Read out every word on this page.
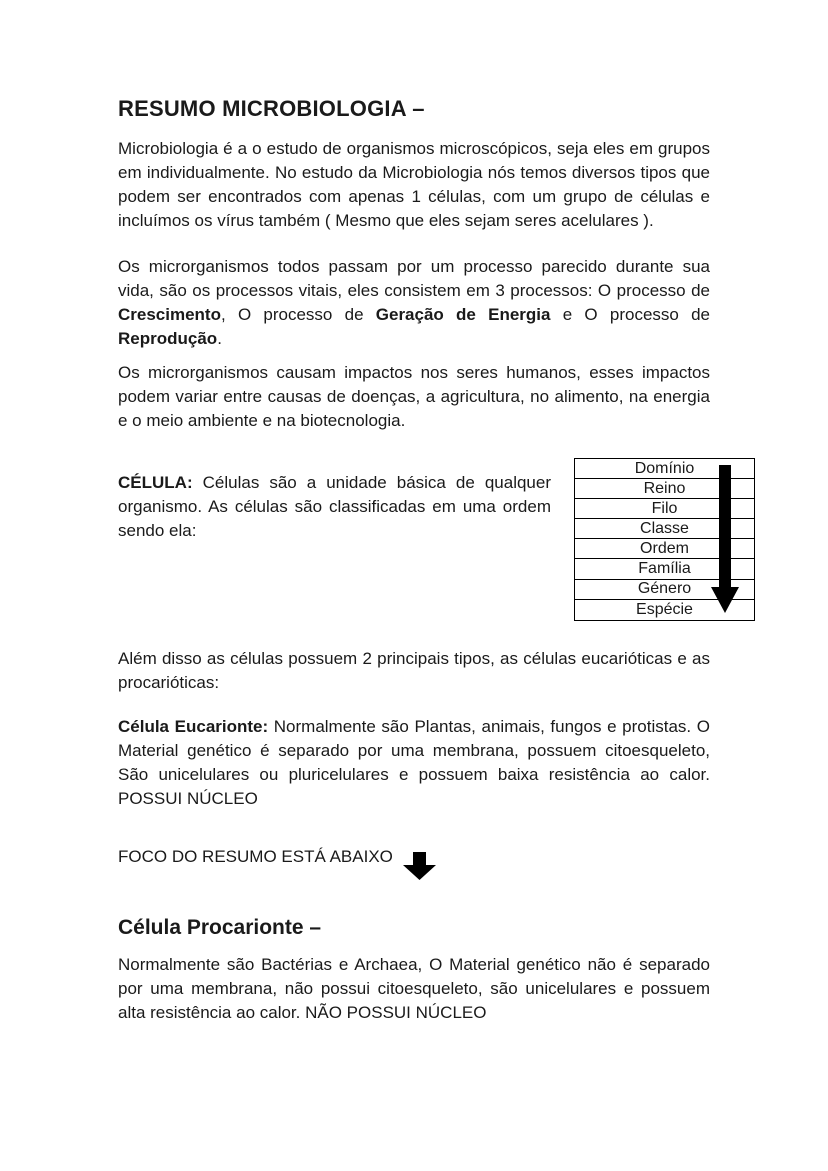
RESUMO MICROBIOLOGIA –

Microbiologia é a o estudo de organismos microscópicos, seja eles em grupos em individualmente. No estudo da Microbiologia nós temos diversos tipos que podem ser encontrados com apenas 1 células, com um grupo de células e incluímos os vírus também ( Mesmo que eles sejam seres acelulares ).

Os microrganismos todos passam por um processo parecido durante sua vida, são os processos vitais, eles consistem em 3 processos: O processo de Crescimento, O processo de Geração de Energia e O processo de Reprodução.

Os microrganismos causam impactos nos seres humanos, esses impactos podem variar entre causas de doenças, a agricultura, no alimento, na energia e o meio ambiente e na biotecnologia.

CÉLULA: Células são a unidade básica de qualquer organismo. As células são classificadas em uma ordem sendo ela:

Domínio
Reino
Filo
Classe
Ordem
Família
Género
Espécie

Além disso as células possuem 2 principais tipos, as células eucarióticas e as procarióticas:

Célula Eucarionte: Normalmente são Plantas, animais, fungos e protistas. O Material genético é separado por uma membrana, possuem citoesqueleto, São unicelulares ou pluricelulares e possuem baixa resistência ao calor. POSSUI NÚCLEO

FOCO DO RESUMO ESTÁ ABAIXO
Célula Procarionte –

Normalmente são Bactérias e Archaea, O Material genético não é separado por uma membrana, não possui citoesqueleto, são unicelulares e possuem alta resistência ao calor. NÃO POSSUI NÚCLEO
